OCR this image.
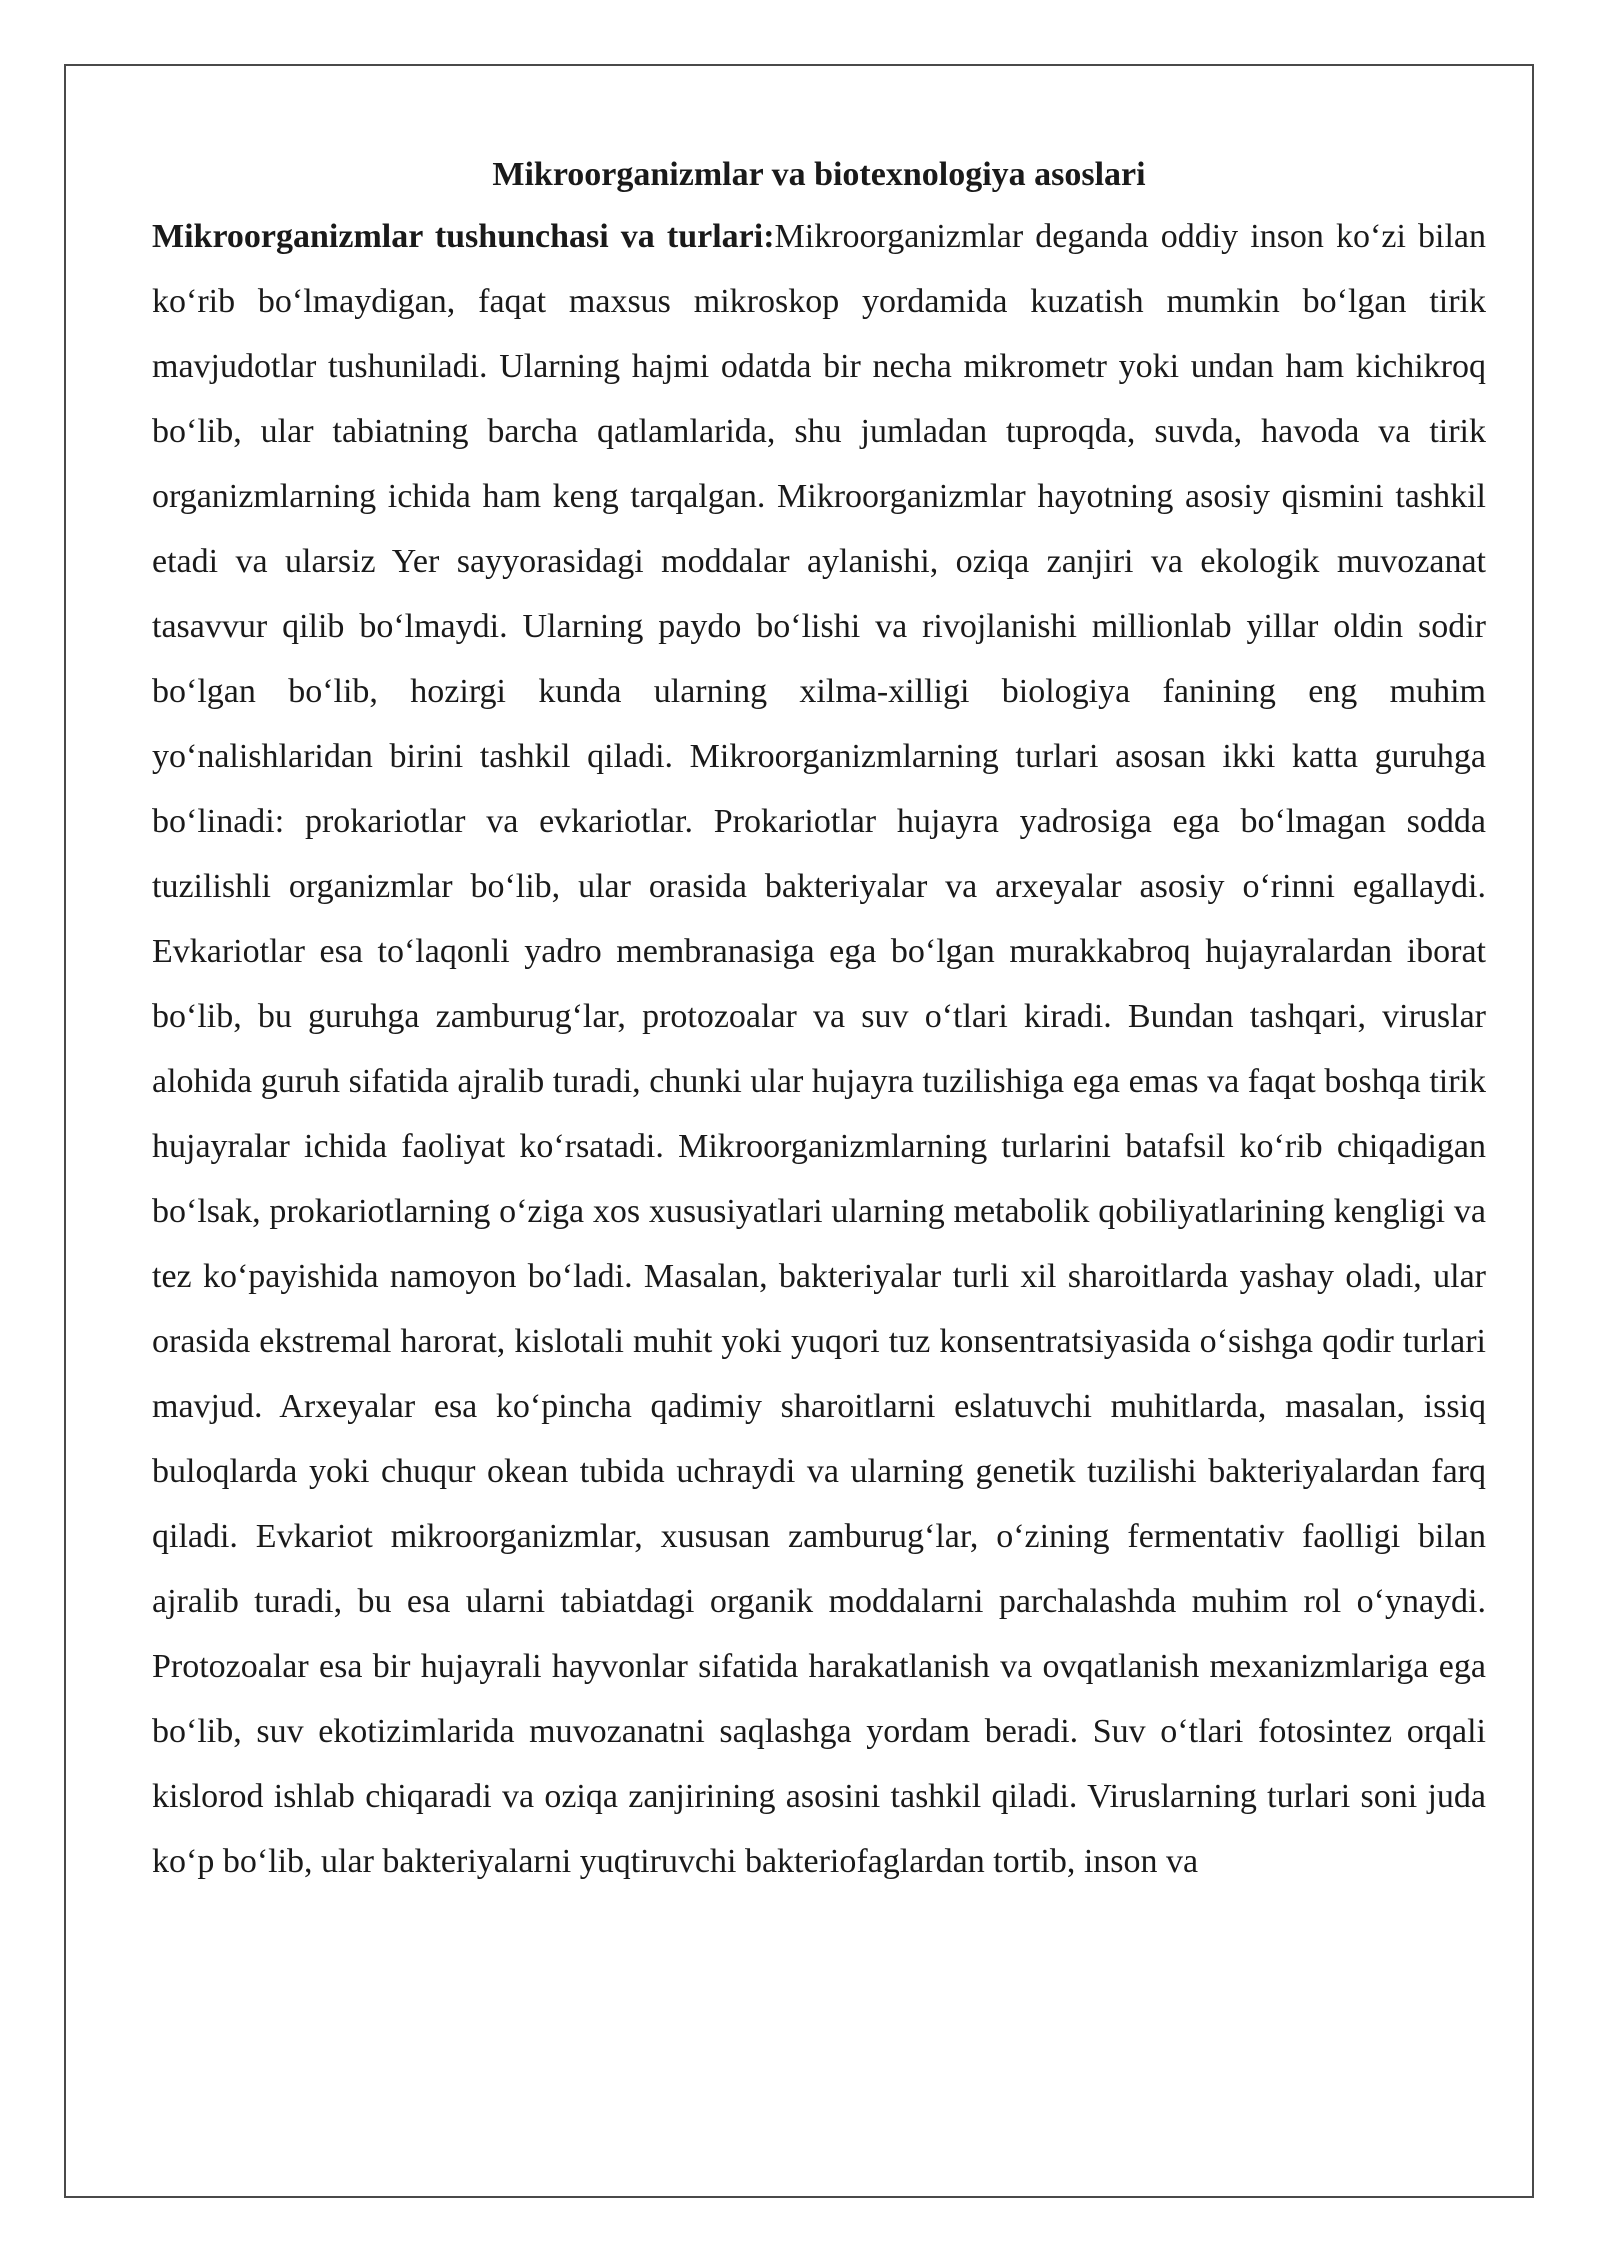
Mikroorganizmlar va biotexnologiya asoslari

Mikroorganizmlar tushunchasi va turlari:Mikroorganizmlar deganda oddiy inson koʻzi bilan koʻrib boʻlmaydigan, faqat maxsus mikroskop yordamida kuzatish mumkin boʻlgan tirik mavjudotlar tushuniladi. Ularning hajmi odatda bir necha mikrometr yoki undan ham kichikroq boʻlib, ular tabiatning barcha qatlamlarida, shu jumladan tuproqda, suvda, havoda va tirik organizmlarning ichida ham keng tarqalgan. Mikroorganizmlar hayotning asosiy qismini tashkil etadi va ularsiz Yer sayyorasidagi moddalar aylanishi, oziqa zanjiri va ekologik muvozanat tasavvur qilib boʻlmaydi. Ularning paydo boʻlishi va rivojlanishi millionlab yillar oldin sodir boʻlgan boʻlib, hozirgi kunda ularning xilma-xilligi biologiya fanining eng muhim yoʻnalishlaridan birini tashkil qiladi. Mikroorganizmlarning turlari asosan ikki katta guruhga boʻlinadi: prokariotlar va evkariotlar. Prokariotlar hujayra yadrosiga ega boʻlmagan sodda tuzilishli organizmlar boʻlib, ular orasida bakteriyalar va arxeyalar asosiy oʻrinni egallaydi. Evkariotlar esa toʻlaqonli yadro membranasiga ega boʻlgan murakkabroq hujayralardan iborat boʻlib, bu guruhga zamburugʻlar, protozoalar va suv oʻtlari kiradi. Bundan tashqari, viruslar alohida guruh sifatida ajralib turadi, chunki ular hujayra tuzilishiga ega emas va faqat boshqa tirik hujayralar ichida faoliyat koʻrsatadi. Mikroorganizmlarning turlarini batafsil koʻrib chiqadigan boʻlsak, prokariotlarning oʻziga xos xususiyatlari ularning metabolik qobiliyatlarining kengligi va tez koʻpayishida namoyon boʻladi. Masalan, bakteriyalar turli xil sharoitlarda yashay oladi, ular orasida ekstremal harorat, kislotali muhit yoki yuqori tuz konsentratsiyasida oʻsishga qodir turlari mavjud. Arxeyalar esa koʻpincha qadimiy sharoitlarni eslatuvchi muhitlarda, masalan, issiq buloqlarda yoki chuqur okean tubida uchraydi va ularning genetik tuzilishi bakteriyalardan farq qiladi. Evkariot mikroorganizmlar, xususan zamburugʻlar, oʻzining fermentativ faolligi bilan ajralib turadi, bu esa ularni tabiatdagi organik moddalarni parchalashda muhim rol oʻynaydi. Protozoalar esa bir hujayrali hayvonlar sifatida harakatlanish va ovqatlanish mexanizmlariga ega boʻlib, suv ekotizimlarida muvozanatni saqlashga yordam beradi. Suv oʻtlari fotosintez orqali kislorod ishlab chiqaradi va oziqa zanjirining asosini tashkil qiladi. Viruslarning turlari soni juda koʻp boʻlib, ular bakteriyalarni yuqtiruvchi bakteriofaglardan tortib, inson va
